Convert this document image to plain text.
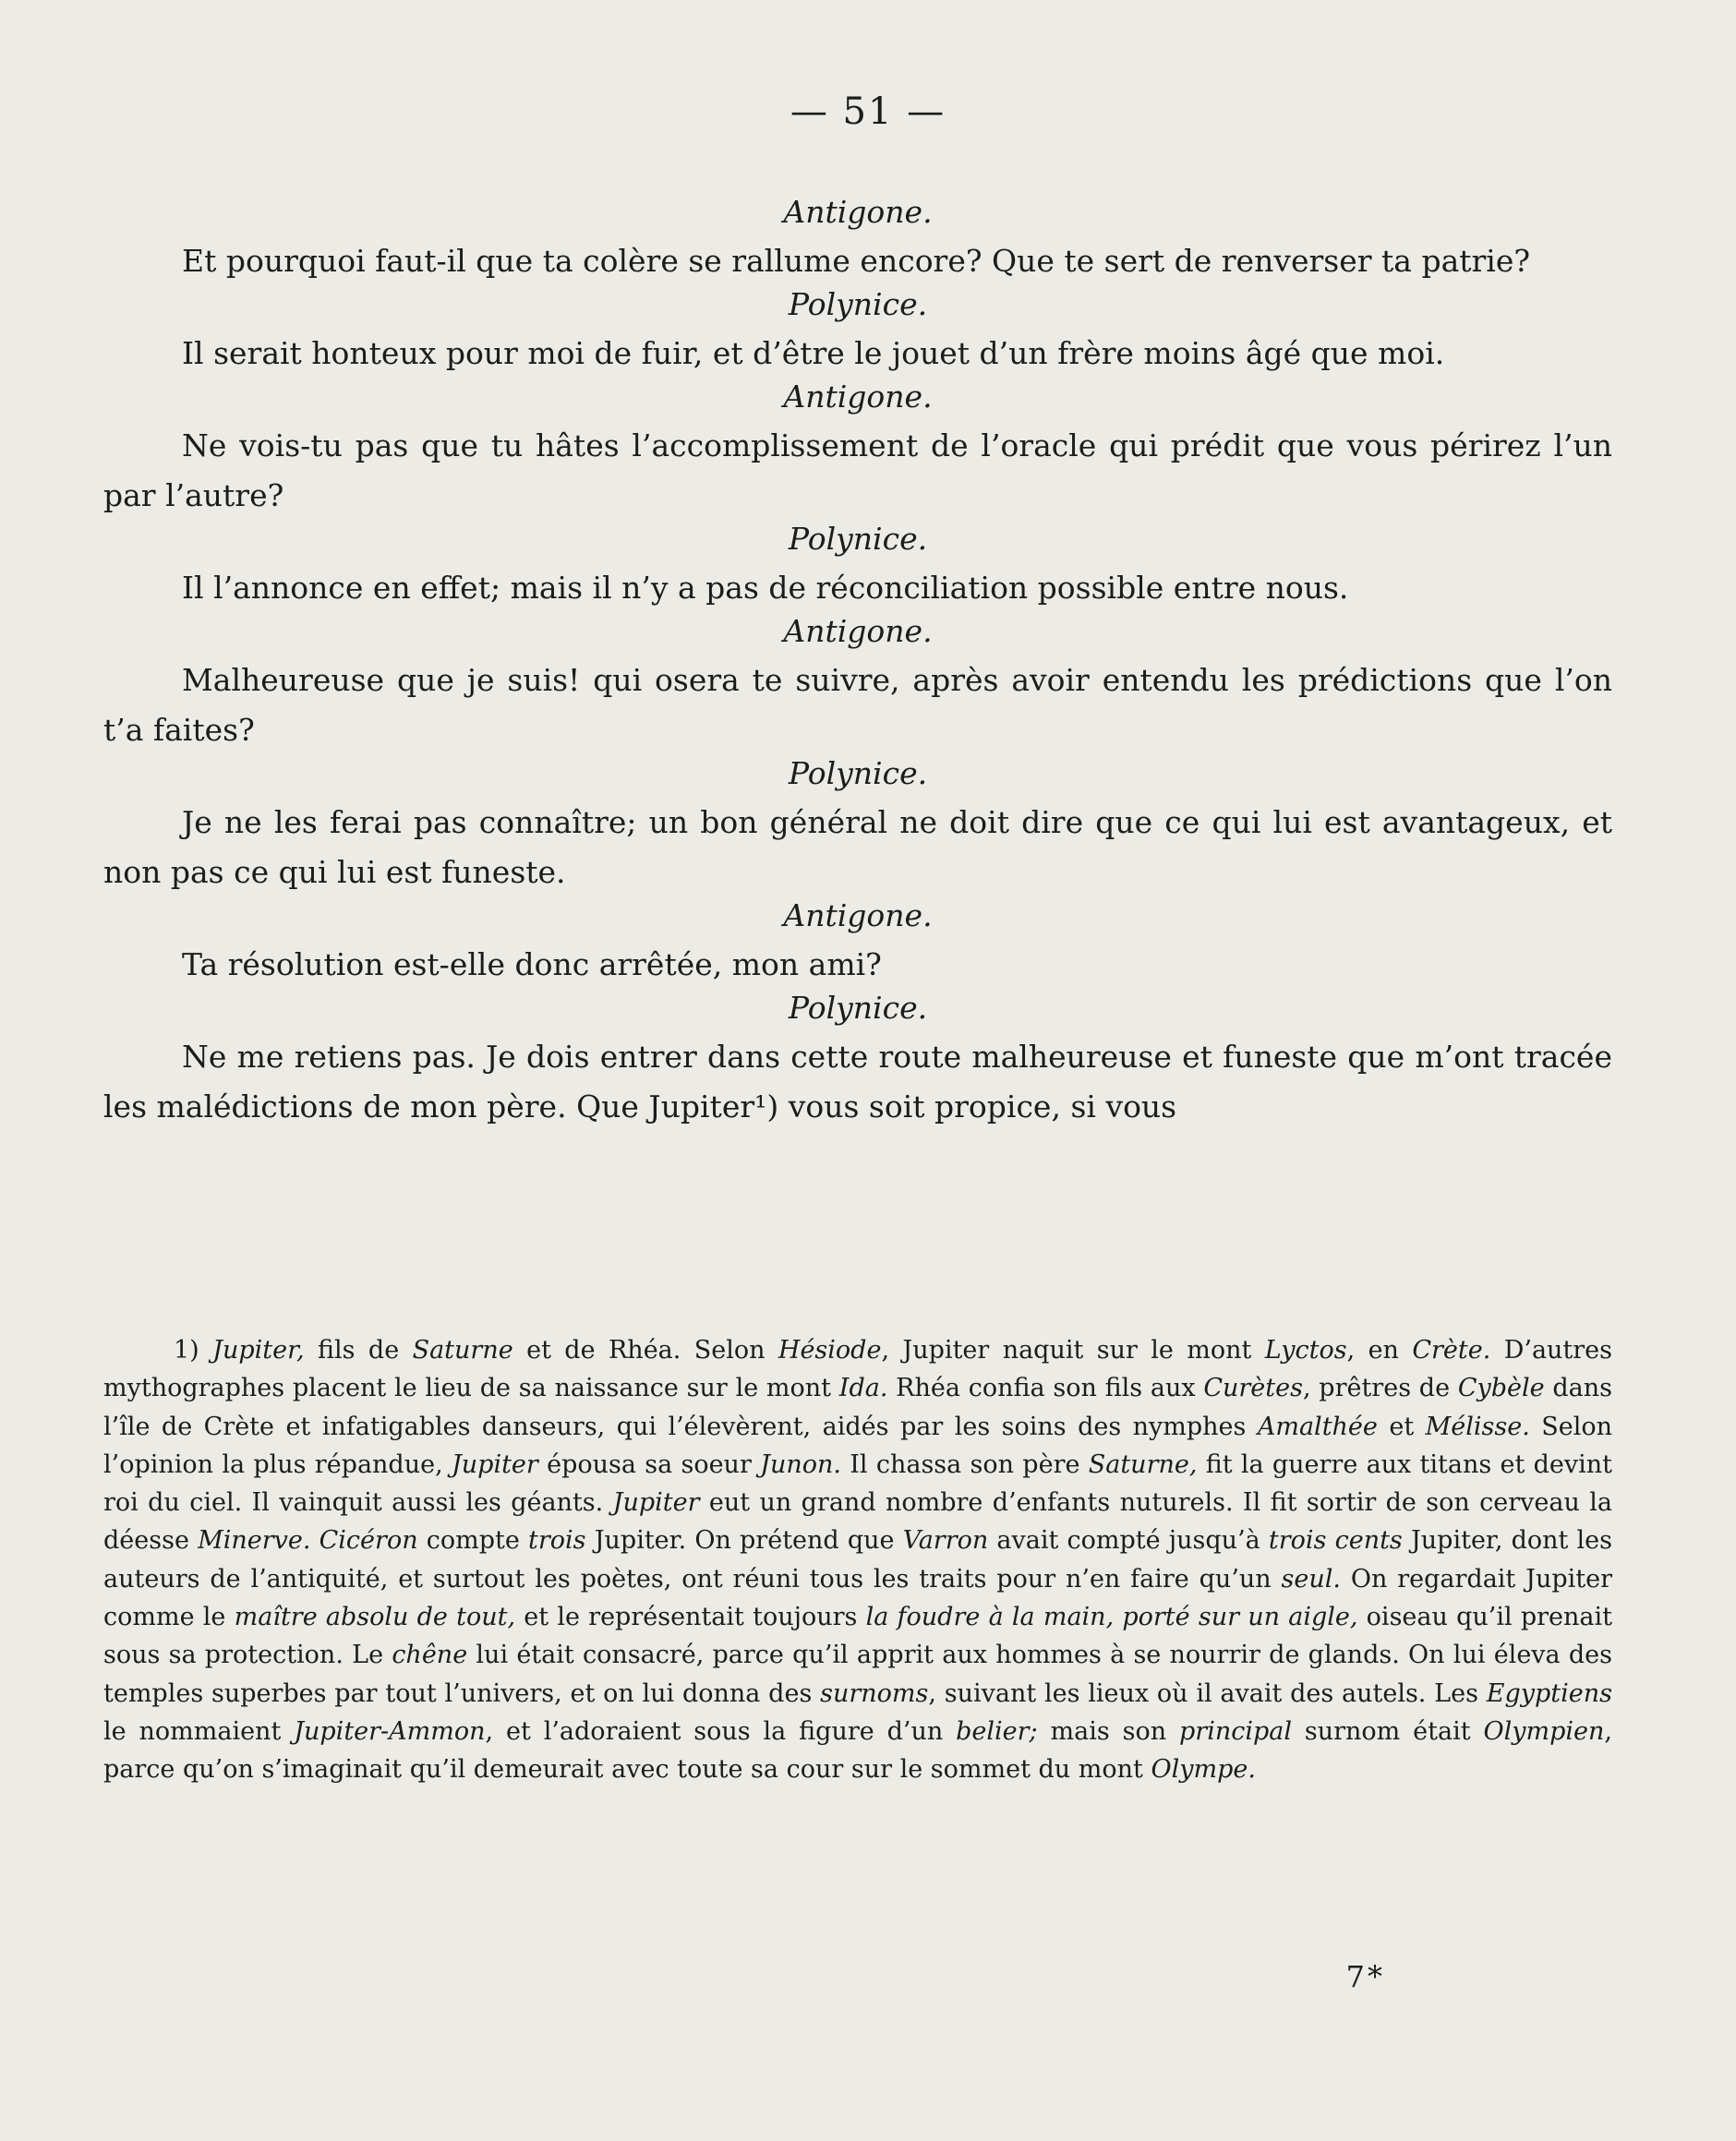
— 51 —

Antigone.

Et pourquoi faut-il que ta colère se rallume encore? Que te sert de renverser ta patrie?

Polynice.

Il serait honteux pour moi de fuir, et d’être le jouet d’un frère moins âgé que moi.

Antigone.

Ne vois-tu pas que tu hâtes l’accomplissement de l’oracle qui prédit que vous périrez l’un par l’autre?

Polynice.

Il l’annonce en effet; mais il n’y a pas de réconciliation possible entre nous.

Antigone.

Malheureuse que je suis! qui osera te suivre, après avoir entendu les prédictions que l’on t’a faites?

Polynice.

Je ne les ferai pas connaître; un bon général ne doit dire que ce qui lui est avantageux, et non pas ce qui lui est funeste.

Antigone.

Ta résolution est-elle donc arrêtée, mon ami?

Polynice.

Ne me retiens pas. Je dois entrer dans cette route malheureuse et funeste que m’ont tracée les malédictions de mon père. Que Jupiter¹) vous soit propice, si vous

1) Jupiter, fils de Saturne et de Rhéa. Selon Hésiode, Jupiter naquit sur le mont Lyctos, en Crète. D’autres mythographes placent le lieu de sa naissance sur le mont Ida. Rhéa confia son fils aux Curètes, prêtres de Cybèle dans l’île de Crète et infatigables danseurs, qui l’élevèrent, aidés par les soins des nymphes Amalthée et Mélisse. Selon l’opinion la plus répandue, Jupiter épousa sa soeur Junon. Il chassa son père Saturne, fit la guerre aux titans et devint roi du ciel. Il vainquit aussi les géants. Jupiter eut un grand nombre d’enfants nuturels. Il fit sortir de son cerveau la déesse Minerve. Cicéron compte trois Jupiter. On prétend que Varron avait compté jusqu’à trois cents Jupiter, dont les auteurs de l’antiquité, et surtout les poètes, ont réuni tous les traits pour n’en faire qu’un seul. On regardait Jupiter comme le maître absolu de tout, et le représentait toujours la foudre à la main, porté sur un aigle, oiseau qu’il prenait sous sa protection. Le chêne lui était consacré, parce qu’il apprit aux hommes à se nourrir de glands. On lui éleva des temples superbes par tout l’univers, et on lui donna des surnoms, suivant les lieux où il avait des autels. Les Egyptiens le nommaient Jupiter-Ammon, et l’adoraient sous la figure d’un belier; mais son principal surnom était Olympien, parce qu’on s’imaginait qu’il demeurait avec toute sa cour sur le sommet du mont Olympe.
7*
